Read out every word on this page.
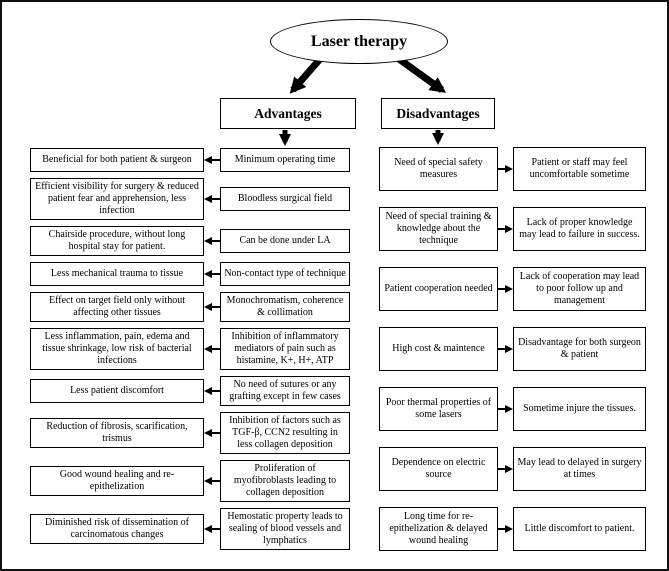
Laser therapy
Advantages	Disadvantages
Beneficial for both patient & surgeon	Minimum operating time
Efficient visibility for surgery & reduced patient fear and apprehension, less infection
Bloodless surgical field
Chairside procedure, without long hospital stay for patient.
Can be done under LA
Less mechanical trauma to tissue	Non-contact type of technique
Effect on target field only without affecting other tissues
Monochromatism, coherence & collimation
Less inflammation, pain, edema and tissue shrinkage, low risk of bacterial infections
Inhibition of inflammatory mediators of pain such as histamine, K+, H+, ATP
Less patient discomfort
No need of sutures or any grafting except in few cases
Reduction of fibrosis, scarification, trismus
Inhibition of factors such as TGF-β, CCN2 resulting in less collagen deposition
Good wound healing and re-epithelization
Proliferation of myofibroblasts leading to collagen deposition
Diminished risk of dissemination of carcinomatous changes
Hemostatic property leads to sealing of blood vessels and lymphatics
Need of special safety measures
Patient or staff may feel uncomfortable sometime
Need of special training & knowledge about the technique
Lack of proper knowledge may lead to failure in success.
Patient cooperation needed
Lack of cooperation may lead to poor follow up and management
High cost & maintence
Disadvantage for both surgeon & patient
Poor thermal properties of some lasers
Sometime injure the tissues.
Dependence on electric source
May lead to delayed in surgery at times
Long time for re-epithelization & delayed wound healing
Little discomfort to patient.
